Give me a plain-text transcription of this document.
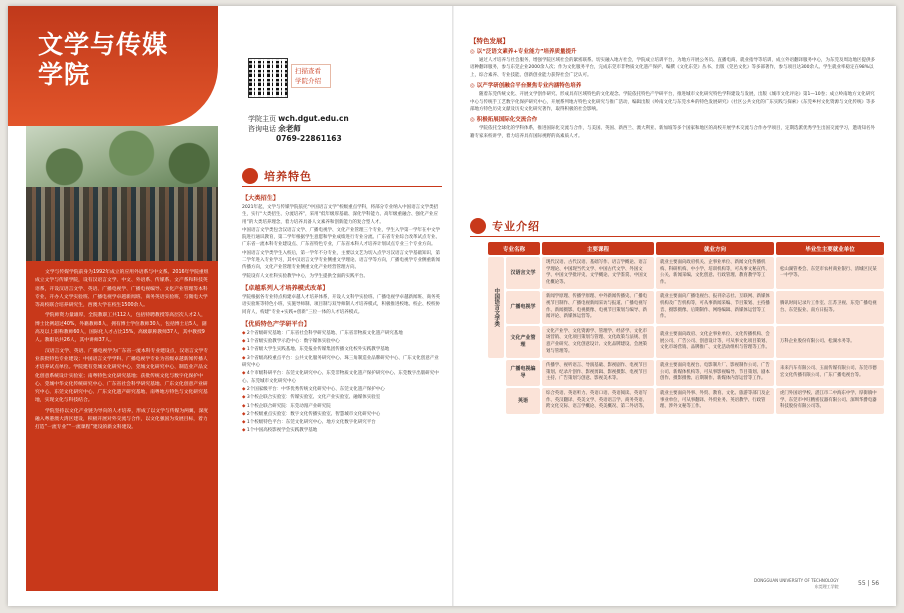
文学与传媒
学院

文学与传媒学院前身为1992年成立的应用外语系与中文系。2016年学院重组成立文学与传媒学院，设有汉语言文学、中文、外语系、传媒系、文产系和科技英语系，开设汉语言文学、英语、广播电视学、广播电视编导、文化产业管理等本科专业，开办人文学实验班、广播电视学卓越新闻班、商务英语实验班，与微电大学等高校联合培养研究生，西澳大学在校生1500余人。

学院师资力量雄厚，全院教职工共112人，包括特聘教授等高层次人才2人，博士比例超过40%，外籍教师8人，拥有博士学位教师30人，包括博士后5人，副高及以上职称教师60人，国际化人才占比15%，高级职称教师37人，其中教授9人。教职员共26人，其中讲师37人。

汉语言文学、英语、广播电视学为广东省一流本科专业建设点，汉语言文学专业获批特色专业建设；中国语言文学学科、广播电视学专业为省级卓越新闻传播人才培养试点单位。学院建有莞城文化研究中心，莞城文化研究中心、制造业产品文化创意系统设计实验室；南粤特色文化研究基地；获批传统文化与数字化保护中心、莞城中华文化传统研究中心、广东省社会科学研究基地、广东文化创意产业研究中心、东莞文化研究中心、广东文化遗产研究基地、南粤地方特色与文化研究基地，实现文化与科技结合。

学院坚持以文化产业链为导向的人才培养，形成了以文学与传媒为两翼，深度融入粤港澳大湾区建设，积极开展对外交流与合作，以文化强国为发展目标，着力打造“一流专业”“一流课程”建设的新文科建设。

扫描查看学院介绍
学院主页 wch.dgut.edu.cn
咨询电话 余老师
0769-22861163
培养特色
【大类招生】

2021年起，文学与传媒学院依托“中国语言文学”校级重点学科，将部分专业纳入中国语言文学类招生，实行“大类招生、分流培养”，采用“低年级厚基础、深化学科能力、高年级重融合、强化产业应用”的大类培养理念，着力培养具备人文素养和创新能力的复合型人才。

中国语言文学类包含汉语言文学、广播电视学、文化产业管理三个专业，学生入学第一学年在中文学院进行通识教育，第二学年根据学生意愿和学业成绩进行专业分流。广东省专业综合改革试点专业、广东省一流本科专业建设点、广东省特色专业，广东省本科人才培养计划试点专业三个专业方向。

中国语言文学类学生入校后，第一学年不分专业，主要以文艺为切入点学习汉语言文学基础知识，第二学年进入专业学习，其中汉语言文学专业侧重文学理论、语言学等方向，广播电视学专业侧重新闻传播方向，文化产业管理专业侧重文化产业经营管理方向。

学院设有人文社科实验教学中心，为学生提供全面的实践平台。

【卓越系列人才培养模式改革】

学院根据各专业特点构建卓越人才培养体系，开设人文科学实验班、广播电视学卓越新闻班、商务英语实验班等特色小班，实施导师制、项目制与双导师制人才培养模式，积极推进校地、校企、校校协同育人，构建“专业+实践+创新”三位一体的人才培养模式。

【优质特色产学研平台】

◆ 2个省级研究基地：广东省社会科学研究基地、广东省非物质文化遗产研究基地

◆ 1个省级实验教学示范中心：数字媒体实验中心

◆ 1个省级大学生实践基地、东莞报业传媒集团传播文化校外实践教学基地

◆ 3个省级高校重点平台：公共文化服务研究中心、珠三角制造业品牌研究中心、广东文化创意产业研究中心

◆ 4个市级科研平台：东莞文化研究中心、东莞非物质文化遗产保护研究中心、东莞数字出版研究中心、东莞城市文化研究中心

◆ 2个国家级平台：中华优秀传统文化研究中心、东莞文化遗产保护中心

◆ 3个校企联合实验室：传媒实验室、文化产业实验室、融媒体实验室

◆ 1个校企联合研究院：东莞动漫产业研究院

◆ 2个校级重点实验室：数字文化传播实验室、智慧城市文化研究中心

◆ 1个校级特色平台：东莞文化研究中心、地方文化数字化研究平台

◆ 1个中国高校影视学会实践教学基地

【特色发展】
◎ 以“泛语文素养+专业能力”培养质量提升

通过人才培养与社会服务，增强学院区域社会的紧密联系。切实融入地方社会，学院成立培训平台，为地方开展公务员、直播电商、就业指导等培训，成立外语翻译服务中心，为东莞及周边地区提供多语种翻译服务，参与东莞企业2000余人次；作为文化服务平台，完成东莞市非物质文化遗产保护、编撰《文化东莞》丛书、出版《莞邑文化》等多部著作，参与项目达300余人。学生就业率稳定在98%以上，综合素养、专业技能、创新创业能力获得社会广泛认可。

◎ 以产学研创融合平台聚焦专业内涵特色培养

随着东莞传统文化、开展文学创作研究、形成具有区域特色的文化观念。学院依托特色产学研平台，推进城市文化研究特色学科建设与发展，出版《城市文化评论》第1—10卷；成立岭南地方文化研究中心与传统手工艺数字化保护研究中心，开展系列地方特色文化研究与推广活动，编辑出版《岭南文化与东莞水乡的特色发展研究》《社区公共文化的广东实践与探索》《东莞乡村文化资源与文化传统》等多部地方特色历史文献及历史文化研究著作，取得积极的社会影响。

◎ 积极拓展国际化交流合作

学院依托全球化的学科体系，推进国际化交流与合作，与美国、英国、新西兰、澳大利亚、新加坡等多个国家和地区的高校开展学术交流与合作办学项目，定期选派优秀学生出国交流学习，邀请知名外籍专家来校讲学，着力培养具有国际视野的高素质人才。

专业介绍
专业名称		主要课程	就业方向	毕业生主要就业单位
中国语言文学类	汉语言文学	现代汉语、古代汉语、基础写作、语言学概论、语言学理论、中国现当代文学、中国古代文学、外国文学、中国文学批评史、文学概论、文学鉴赏、中国文化概论等。	就业主要面向政府机关、企事业单位、新闻文化传播机构、科研机构、中小学、培训机构等，可从事文秘宣传、公关、新闻采编、文化创意、行政管理、教育教学等工作。	松山湖管委会、东莞市农村商业银行、清城区民某一中学等。
	广播电视学	新闻学原理、传播学原理、中外新闻传播史、广播电视节目制作、广播电视新闻采访与报道、广播电视写作、新闻摄影、电视摄像、电视节目策划与编导、新闻评论、新媒体运营等。	就业主要面向广播电视台、报刊杂志社、互联网、新媒体机构及广告机构等，可从事新闻采编、节目策划、主持播音、摄影摄像、后期制作、网络编辑、新媒体运营等工作。	腾讯时间记录片工作室、江苏卫视、东莞广播电视台、东莞报业、南方日报等。
	文化产业管理	文化产业学、文化资源学、管理学、经济学、文化市场营销、文化项目策划与管理、文化政策与法规、创意产业研究、文化创意设计、文化品牌建设、会展策划与管理等。	就业主要面向政府、文化企事业单位、文化传播机构、会展公司、广告公司、创意设计等，可从事文化项目策划、文化市场营销、品牌推广、文化活动组织与管理等工作。	万科企业股份有限公司、松湖水务等。
	广播电视编导	传播学、视听语言、导演基础、影视剧作、电视节目策划、纪录片创作、影视剪辑、影视摄影、电视节目主持、广告策划与创意、影视美术等。	就业主要面向电视台、电影制片厂、影视制作公司、广告公司、新媒体机构等，可从事影视编导、节目策划、剧本创作、摄影摄像、后期制作、新媒体内容运营等工作。	耒来汽车有限公司、玉面传媒有限公司、东莞市德宏文化传播有限公司、广东广播电视台等。
	英语	综合英语、英语听力、英语口语、英语阅读、英语写作、英汉翻译、英美文学、英语语言学、商务英语、跨文化交际、语言学概论、英美概况、第二外语等。	就业主要面向外事、外贸、教育、文化、旅游等部门及企事业单位，可从事翻译、外贸业务、英语教学、行政管理、涉外文秘等工作。	虎门外国语学校、湛江市二中海东中学、厚街镇中学、东莞市中旺精密仪器有限公司、深圳华爵电器科技股份有限公司等。
DONGGUAN UNIVERSITY OF TECHNOLOGY
东莞理工学院	55 | 56
